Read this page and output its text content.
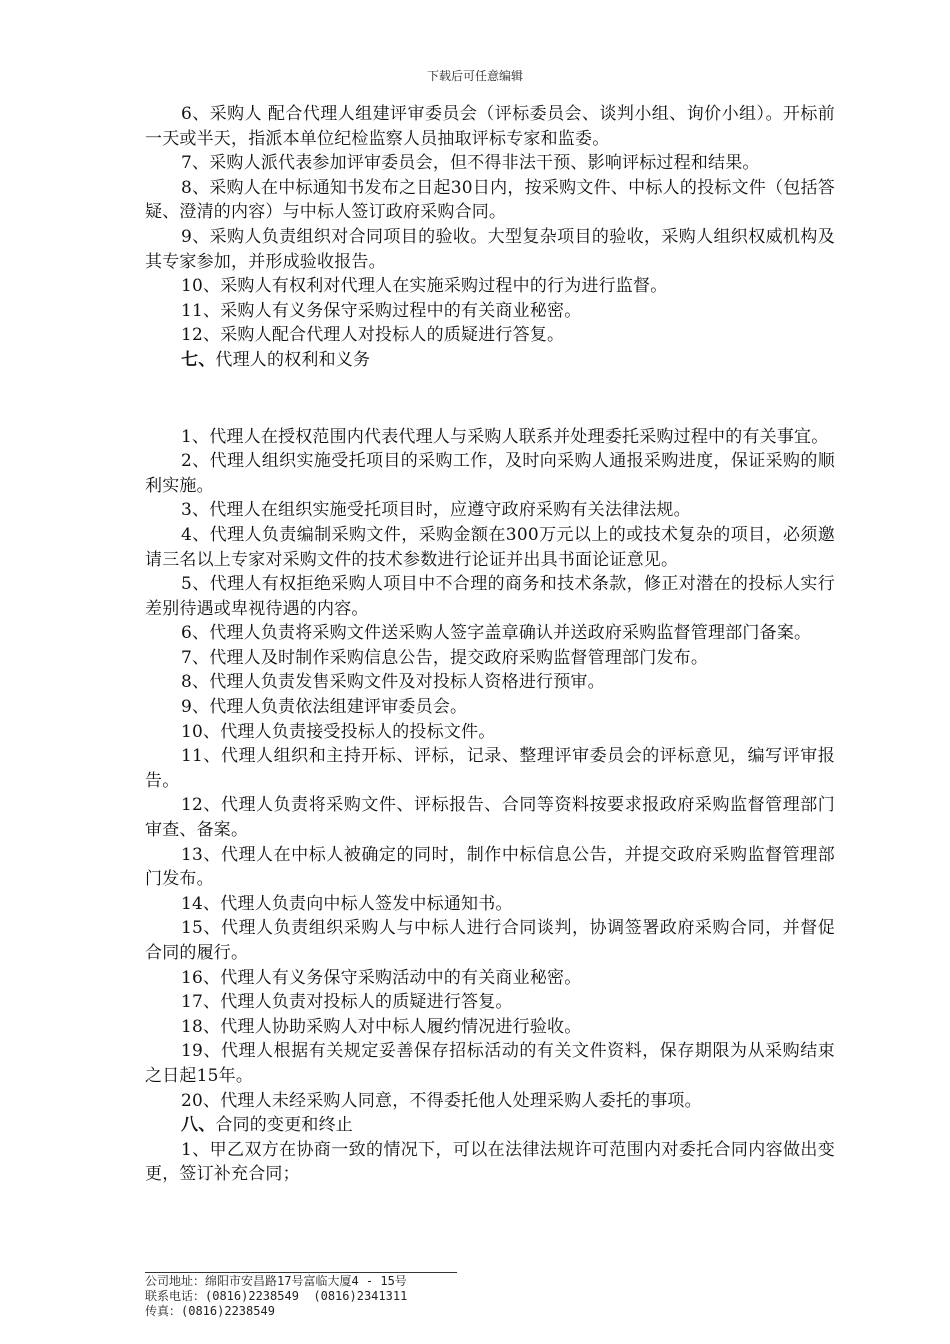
下载后可任意编辑

6、采购人 配合代理人组建评审委员会（评标委员会、谈判小组、询价小组）。开标前一天或半天，指派本单位纪检监察人员抽取评标专家和监委。

7、采购人派代表参加评审委员会，但不得非法干预、影响评标过程和结果。

8、采购人在中标通知书发布之日起30日内，按采购文件、中标人的投标文件（包括答疑、澄清的内容）与中标人签订政府采购合同。

9、采购人负责组织对合同项目的验收。大型复杂项目的验收，采购人组织权威机构及其专家参加，并形成验收报告。

10、采购人有权利对代理人在实施采购过程中的行为进行监督。

11、采购人有义务保守采购过程中的有关商业秘密。

12、采购人配合代理人对投标人的质疑进行答复。

七、代理人的权利和义务

1、代理人在授权范围内代表代理人与采购人联系并处理委托采购过程中的有关事宜。

2、代理人组织实施受托项目的采购工作，及时向采购人通报采购进度，保证采购的顺利实施。

3、代理人在组织实施受托项目时，应遵守政府采购有关法律法规。

4、代理人负责编制采购文件，采购金额在300万元以上的或技术复杂的项目，必须邀请三名以上专家对采购文件的技术参数进行论证并出具书面论证意见。

5、代理人有权拒绝采购人项目中不合理的商务和技术条款，修正对潜在的投标人实行差别待遇或卑视待遇的内容。

6、代理人负责将采购文件送采购人签字盖章确认并送政府采购监督管理部门备案。

7、代理人及时制作采购信息公告，提交政府采购监督管理部门发布。

8、代理人负责发售采购文件及对投标人资格进行预审。

9、代理人负责依法组建评审委员会。

10、代理人负责接受投标人的投标文件。

11、代理人组织和主持开标、评标，记录、整理评审委员会的评标意见，编写评审报告。

12、代理人负责将采购文件、评标报告、合同等资料按要求报政府采购监督管理部门审查、备案。

13、代理人在中标人被确定的同时，制作中标信息公告，并提交政府采购监督管理部门发布。

14、代理人负责向中标人签发中标通知书。

15、代理人负责组织采购人与中标人进行合同谈判，协调签署政府采购合同，并督促合同的履行。

16、代理人有义务保守采购活动中的有关商业秘密。

17、代理人负责对投标人的质疑进行答复。

18、代理人协助采购人对中标人履约情况进行验收。

19、代理人根据有关规定妥善保存招标活动的有关文件资料，保存期限为从采购结束之日起15年。

20、代理人未经采购人同意，不得委托他人处理采购人委托的事项。

八、合同的变更和终止

1、甲乙双方在协商一致的情况下，可以在法律法规许可范围内对委托合同内容做出变更，签订补充合同；

公司地址：绵阳市安昌路17号富临大厦4 - 15号
联系电话：(0816)2238549  (0816)2341311
传真：(0816)2238549
